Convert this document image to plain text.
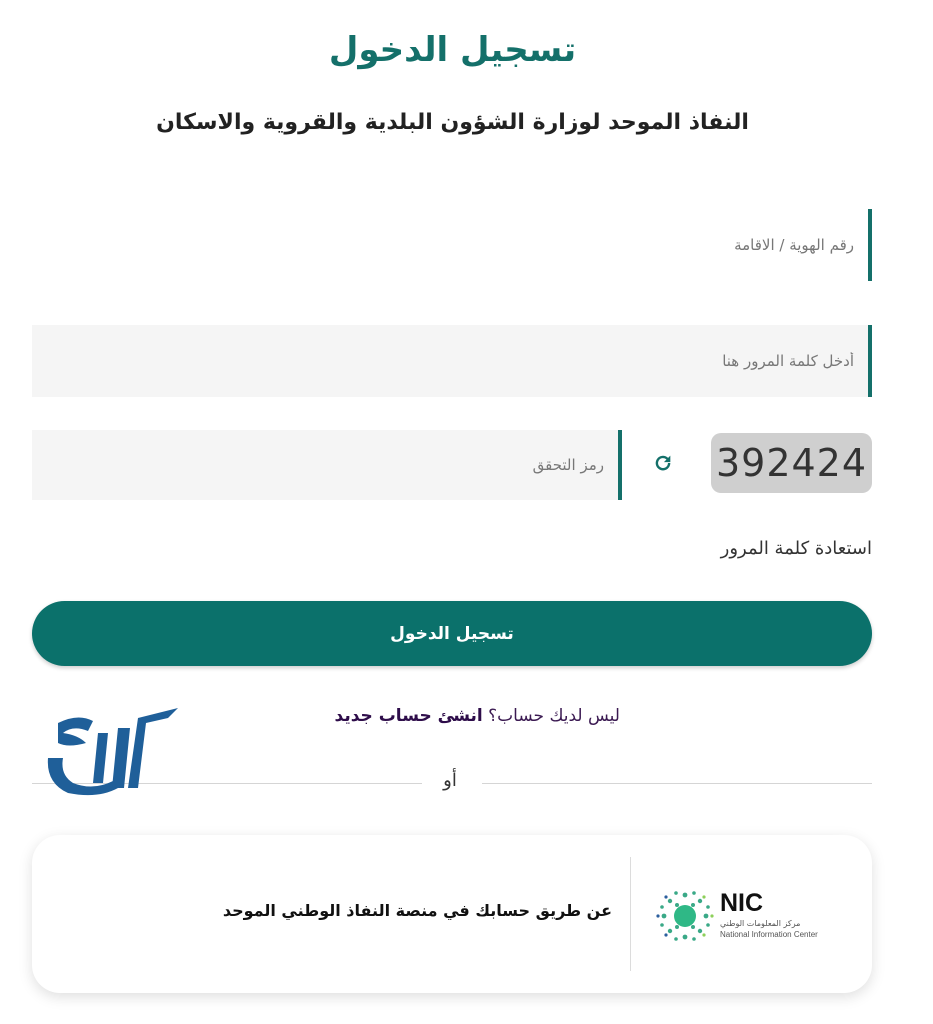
تسجيل الدخول
النفاذ الموحد لوزارة الشؤون البلدية والقروية والاسكان
رقم الهوية / الاقامة
رمز التحقق
392424
استعادة كلمة المرور
تسجيل الدخول
ليس لديك حساب؟ انشئ حساب جديد
أو
عن طريق حسابك في منصة النفاذ الوطني الموحد	NIC
مركز المعلومات الوطني
National Information Center
